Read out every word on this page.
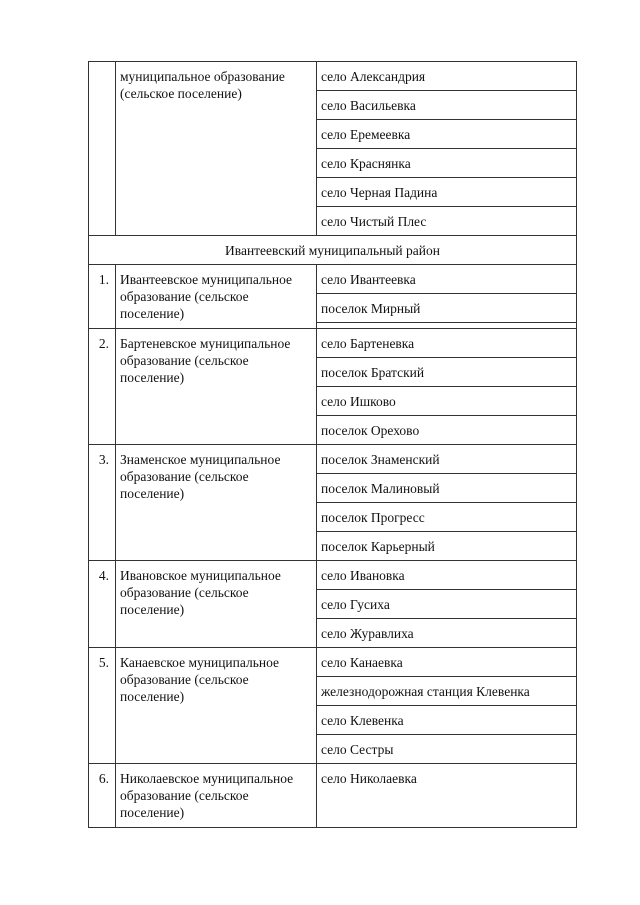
	муниципальное образование (сельское поселение)	село Александрия
		село Васильевка
		село Еремеевка
		село Краснянка
		село Черная Падина
		село Чистый Плес
Ивантеевский муниципальный район		
1.	Ивантеевское муниципальное образование (сельское поселение)	село Ивантеевка
		поселок Мирный

2.	Бартеневское муниципальное образование (сельское поселение)	село Бартеневка
		поселок Братский
		село Ишково
		поселок Орехово
3.	Знаменское муниципальное образование (сельское поселение)	поселок Знаменский
		поселок Малиновый
		поселок Прогресс
		поселок Карьерный
4.	Ивановское муниципальное образование (сельское поселение)	село Ивановка
		село Гусиха
		село Журавлиха
5.	Канаевское муниципальное образование (сельское поселение)	село Канаевка
		железнодорожная станция Клевенка
		село Клевенка
		село Сестры
6.	Николаевское муниципальное образование (сельское поселение)	село Николаевка
